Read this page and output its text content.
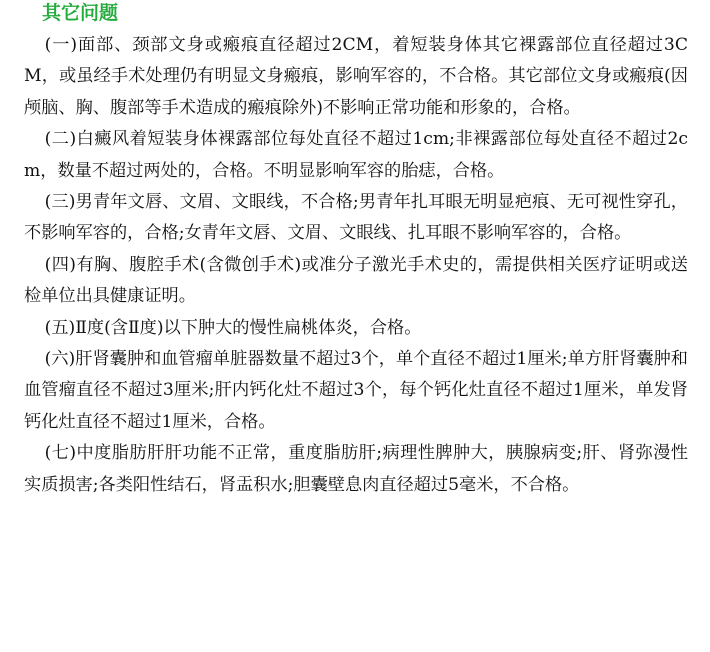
其它问题

(一)面部、颈部文身或瘢痕直径超过2CM，着短装身体其它裸露部位直径超过3CM，或虽经手术处理仍有明显文身瘢痕，影响军容的，不合格。其它部位文身或瘢痕(因颅脑、胸、腹部等手术造成的瘢痕除外)不影响正常功能和形象的，合格。

(二)白癜风着短装身体裸露部位每处直径不超过1cm;非裸露部位每处直径不超过2cm，数量不超过两处的，合格。不明显影响军容的胎痣，合格。

(三)男青年文唇、文眉、文眼线，不合格;男青年扎耳眼无明显疤痕、无可视性穿孔，不影响军容的，合格;女青年文唇、文眉、文眼线、扎耳眼不影响军容的，合格。

(四)有胸、腹腔手术(含微创手术)或准分子激光手术史的，需提供相关医疗证明或送检单位出具健康证明。

(五)Ⅱ度(含Ⅱ度)以下肿大的慢性扁桃体炎，合格。

(六)肝肾囊肿和血管瘤单脏器数量不超过3个，单个直径不超过1厘米;单方肝肾囊肿和血管瘤直径不超过3厘米;肝内钙化灶不超过3个，每个钙化灶直径不超过1厘米，单发肾钙化灶直径不超过1厘米，合格。

(七)中度脂肪肝肝功能不正常，重度脂肪肝;病理性脾肿大，胰腺病变;肝、肾弥漫性实质损害;各类阳性结石，肾盂积水;胆囊壁息肉直径超过5毫米，不合格。
